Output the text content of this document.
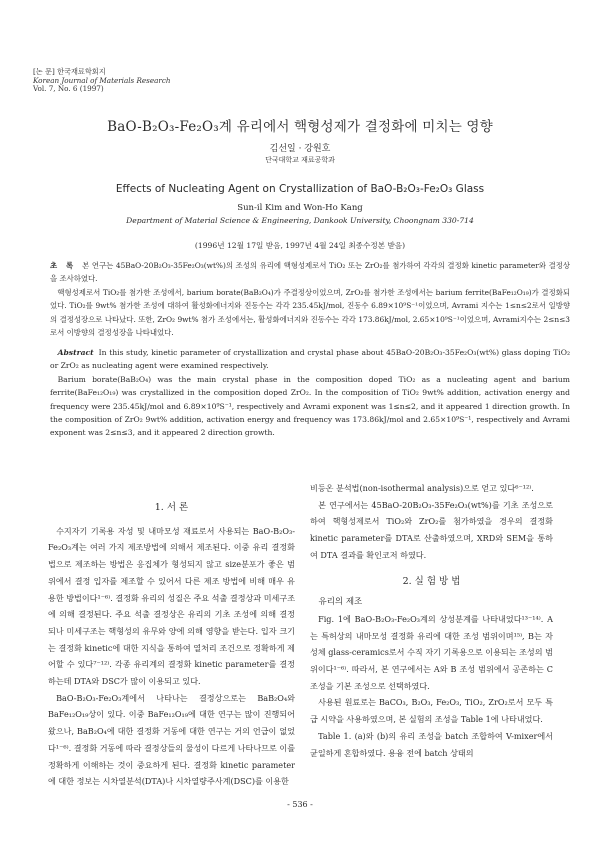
[논 문] 한국재료학회지
Korean Journal of Materials Research
Vol. 7, No. 6 (1997)
BaO-B₂O₃-Fe₂O₃계 유리에서 핵형성제가 결정화에 미치는 영향
김선일 · 강원호
단국대학교 재료공학과
Effects of Nucleating Agent on Crystallization of BaO-B₂O₃-Fe₂O₃ Glass
Sun-il Kim and Won-Ho Kang
Department of Material Science & Engineering, Dankook University, Choongnam 330-714
(1996년 12월 17일 받음, 1997년 4월 24일 최종수정본 받음)

초 록 본 연구는 45BaO-20B₂O₃-35Fe₂O₃(wt%)의 조성의 유리에 핵형성제로서 TiO₂ 또는 ZrO₂를 첨가하여 각각의 결정화 kinetic parameter와 결정상을 조사하였다.

핵형성제로서 TiO₂를 첨가한 조성에서, barium borate(BaB₂O₄)가 주결정상이었으며, ZrO₂를 첨가한 조성에서는 barium ferrite(BaFe₁₂O₁₉)가 결정화되었다. TiO₂를 9wt% 첨가한 조성에 대하여 활성화에너지와 진동수는 각각 235.45kJ/mol, 진동수 6.89×10⁹S⁻¹이었으며, Avrami 지수는 1≤n≤2로서 일방향의 결정성장으로 나타났다. 또한, ZrO₂ 9wt% 첨가 조성에서는, 활성화에너지와 진동수는 각각 173.86kJ/mol, 2.65×10⁹S⁻¹이었으며, Avrami지수는 2≤n≤3로서 이방향의 결정성장을 나타내었다.

Abstract In this study, kinetic parameter of crystallization and crystal phase about 45BaO-20B₂O₃-35Fe₂O₃(wt%) glass doping TiO₂ or ZrO₂ as nucleating agent were examined respectively.

Barium borate(BaB₂O₄) was the main crystal phase in the composition doped TiO₂ as a nucleating agent and barium ferrite(BaFe₁₂O₁₉) was crystallized in the composition doped ZrO₂. In the composition of TiO₂ 9wt% addition, activation energy and frequency were 235.45kJ/mol and 6.89×10⁹S⁻¹, respectively and Avrami exponent was 1≤n≤2, and it appeared 1 direction growth. In the composition of ZrO₂ 9wt% addition, activation energy and frequency was 173.86kJ/mol and 2.65×10⁹S⁻¹, respectively and Avrami exponent was 2≤n≤3, and it appeared 2 direction growth.

1. 서 론

수지자기 기록용 자성 및 내마모성 재료로서 사용되는 BaO-B₂O₃-Fe₂O₃계는 여러 가지 제조방법에 의해서 제조된다. 이중 유리 결정화법으로 제조하는 방법은 응집체가 형성되지 않고 size분포가 좋은 범위에서 결정 입자를 제조할 수 있어서 다른 제조 방법에 비해 매우 유용한 방법이다¹⁻⁶⁾. 결정화 유리의 성질은 주요 석출 결정상과 미세구조에 의해 결정된다. 주요 석출 결정상은 유리의 기초 조성에 의해 결정되나 미세구조는 핵형성의 유무와 양에 의해 영향을 받는다. 입자 크기는 결정화 kinetic에 대한 지식을 통하여 열처리 조건으로 정확하게 제어할 수 있다⁷⁻¹²⁾. 각종 유리계의 결정화 kinetic parameter를 결정하는데 DTA와 DSC가 많이 이용되고 있다.

BaO-B₂O₃-Fe₂O₃계에서 나타나는 결정상으로는 BaB₂O₄와 BaFe₁₂O₁₉상이 있다. 이중 BaFe₁₂O₁₉에 대한 연구는 많이 진행되어 왔으나, BaB₂O₄에 대한 결정화 거동에 대한 연구는 거의 언급이 없었다¹⁻⁶⁾. 결정화 거동에 따라 결정상들의 물성이 다르게 나타나므로 이를 정확하게 이해하는 것이 중요하게 된다. 결정화 kinetic parameter에 대한 정보는 시차열분석(DTA)나 시차열량주사계(DSC)를 이용한

비등온 분석법(non-isothermal analysis)으로 얻고 있다⁶⁻¹²⁾.

본 연구에서는 45BaO-20B₂O₃-35Fe₂O₃(wt%)를 기초 조성으로 하여 핵형성제로서 TiO₂와 ZrO₂를 첨가하였을 경우의 결정화 kinetic parameter를 DTA로 산출하였으며, XRD와 SEM을 통하여 DTA 결과를 확인코저 하였다.

2. 실 험 방 법

유리의 제조

Fig. 1에 BaO-B₂O₃-Fe₂O₃계의 상성분계를 나타내었다¹³⁻¹⁴⁾. A는 특허상의 내마모성 결정화 유리에 대한 조성 범위이며¹⁵⁾, B는 자성체 glass-ceramics로서 수직 자기 기록용으로 이용되는 조성의 범위이다¹⁻⁶⁾. 따라서, 본 연구에서는 A와 B 조성 범위에서 공존하는 C 조성을 기본 조성으로 선택하였다.

사용된 원료로는 BaCO₃, B₂O₃, Fe₂O₃, TiO₂, ZrO₂로서 모두 특급 시약을 사용하였으며, 본 실험의 조성을 Table 1에 나타내었다.

Table 1. (a)와 (b)의 유리 조성을 batch 조합하여 V-mixer에서 균일하게 혼합하였다. 용융 전에 batch 상태의

- 536 -
